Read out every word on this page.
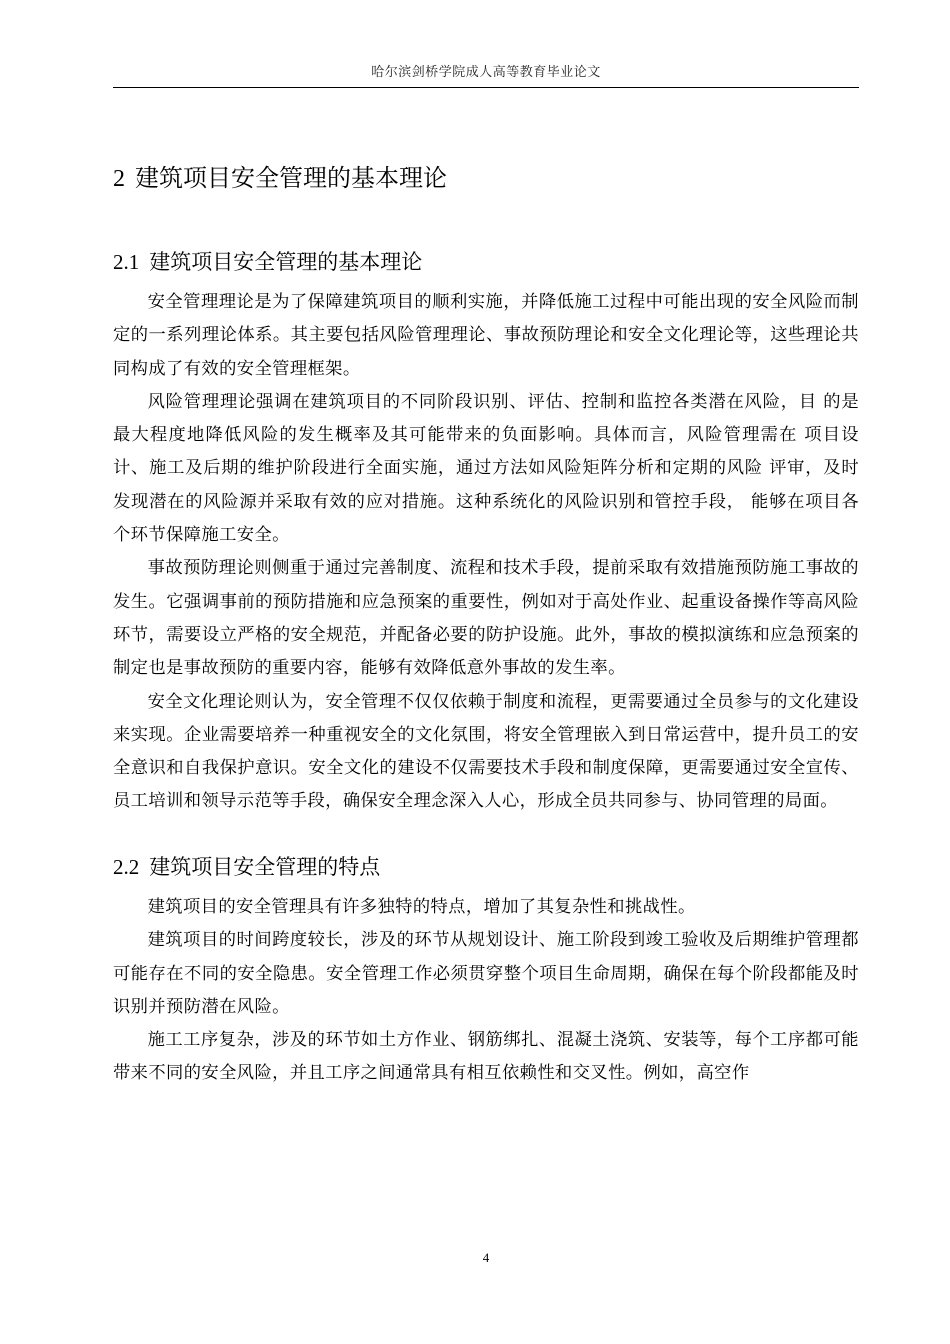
哈尔滨剑桥学院成人高等教育毕业论文
2 建筑项目安全管理的基本理论
2.1 建筑项目安全管理的基本理论

安全管理理论是为了保障建筑项目的顺利实施，并降低施工过程中可能出现的安全风险而制定的一系列理论体系。其主要包括风险管理理论、事故预防理论和安全文化理论等，这些理论共同构成了有效的安全管理框架。

风险管理理论强调在建筑项目的不同阶段识别、评估、控制和监控各类潜在风险，目 的是最大程度地降低风险的发生概率及其可能带来的负面影响。具体而言，风险管理需在 项目设计、施工及后期的维护阶段进行全面实施，通过方法如风险矩阵分析和定期的风险 评审，及时发现潜在的风险源并采取有效的应对措施。这种系统化的风险识别和管控手段， 能够在项目各个环节保障施工安全。

事故预防理论则侧重于通过完善制度、流程和技术手段，提前采取有效措施预防施工事故的发生。它强调事前的预防措施和应急预案的重要性，例如对于高处作业、起重设备操作等高风险环节，需要设立严格的安全规范，并配备必要的防护设施。此外，事故的模拟演练和应急预案的制定也是事故预防的重要内容，能够有效降低意外事故的发生率。

安全文化理论则认为，安全管理不仅仅依赖于制度和流程，更需要通过全员参与的文化建设来实现。企业需要培养一种重视安全的文化氛围，将安全管理嵌入到日常运营中，提升员工的安全意识和自我保护意识。安全文化的建设不仅需要技术手段和制度保障，更需要通过安全宣传、员工培训和领导示范等手段，确保安全理念深入人心，形成全员共同参与、协同管理的局面。

2.2 建筑项目安全管理的特点

建筑项目的安全管理具有许多独特的特点，增加了其复杂性和挑战性。

建筑项目的时间跨度较长，涉及的环节从规划设计、施工阶段到竣工验收及后期维护管理都可能存在不同的安全隐患。安全管理工作必须贯穿整个项目生命周期，确保在每个阶段都能及时识别并预防潜在风险。

施工工序复杂，涉及的环节如土方作业、钢筋绑扎、混凝土浇筑、安装等，每个工序都可能带来不同的安全风险，并且工序之间通常具有相互依赖性和交叉性。例如，高空作

4
